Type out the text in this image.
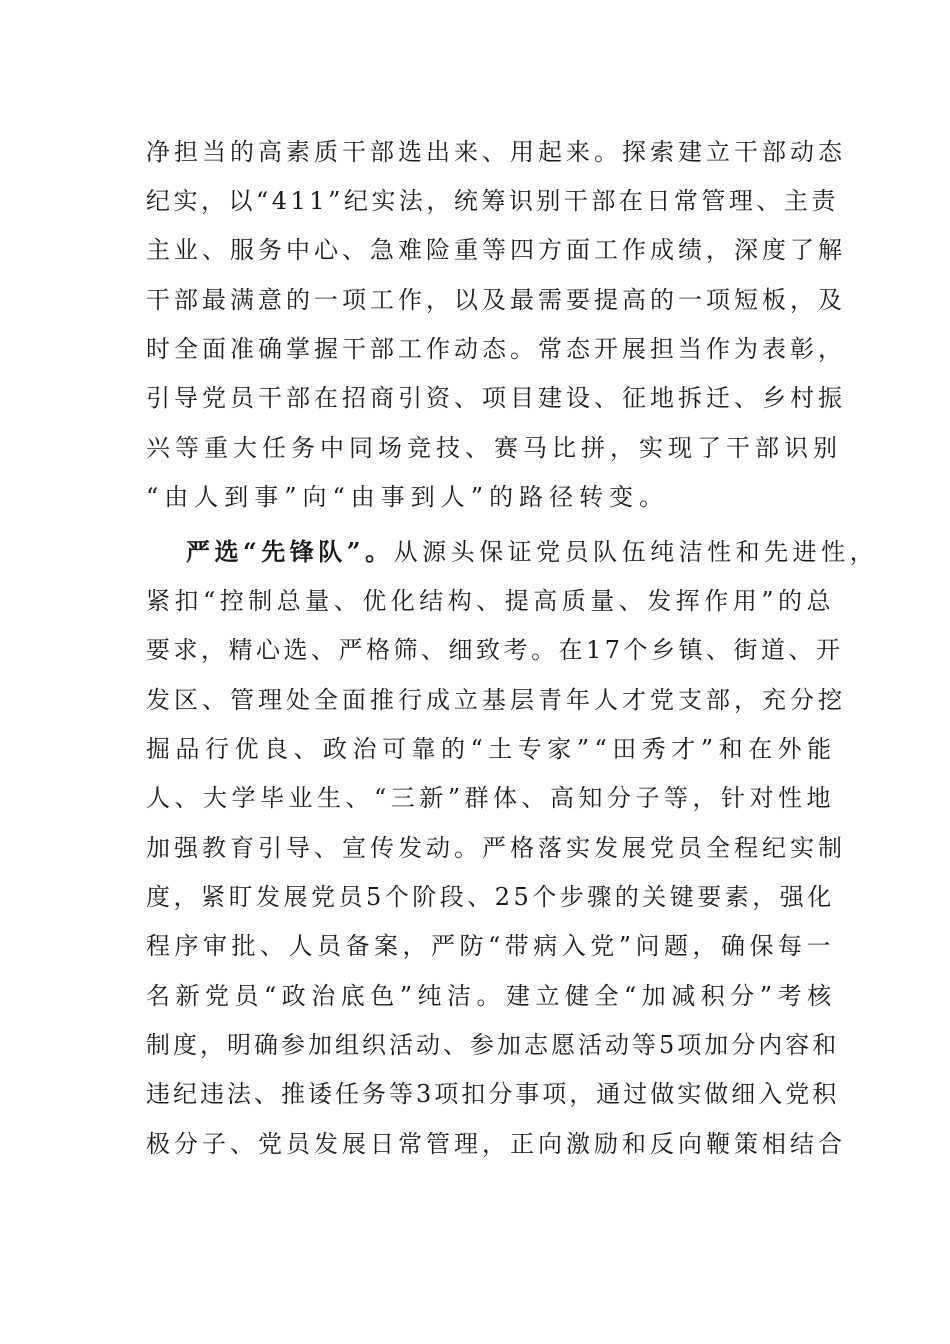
净担当的高素质干部选出来、用起来。探索建立干部动态
纪实，以“411”纪实法，统筹识别干部在日常管理、主责
主业、服务中心、急难险重等四方面工作成绩，深度了解
干部最满意的一项工作，以及最需要提高的一项短板，及
时全面准确掌握干部工作动态。常态开展担当作为表彰，
引导党员干部在招商引资、项目建设、征地拆迁、乡村振
兴等重大任务中同场竞技、赛马比拼，实现了干部识别
“由人到事”向“由事到人”的路径转变。
严选“先锋队”。从源头保证党员队伍纯洁性和先进性，
紧扣“控制总量、优化结构、提高质量、发挥作用”的总
要求，精心选、严格筛、细致考。在17个乡镇、街道、开
发区、管理处全面推行成立基层青年人才党支部，充分挖
掘品行优良、政治可靠的“土专家”“田秀才”和在外能
人、大学毕业生、“三新”群体、高知分子等，针对性地
加强教育引导、宣传发动。严格落实发展党员全程纪实制
度，紧盯发展党员5个阶段、25个步骤的关键要素，强化
程序审批、人员备案，严防“带病入党”问题，确保每一
名新党员“政治底色”纯洁。建立健全“加减积分”考核
制度，明确参加组织活动、参加志愿活动等5项加分内容和
违纪违法、推诿任务等3项扣分事项，通过做实做细入党积
极分子、党员发展日常管理，正向激励和反向鞭策相结合
